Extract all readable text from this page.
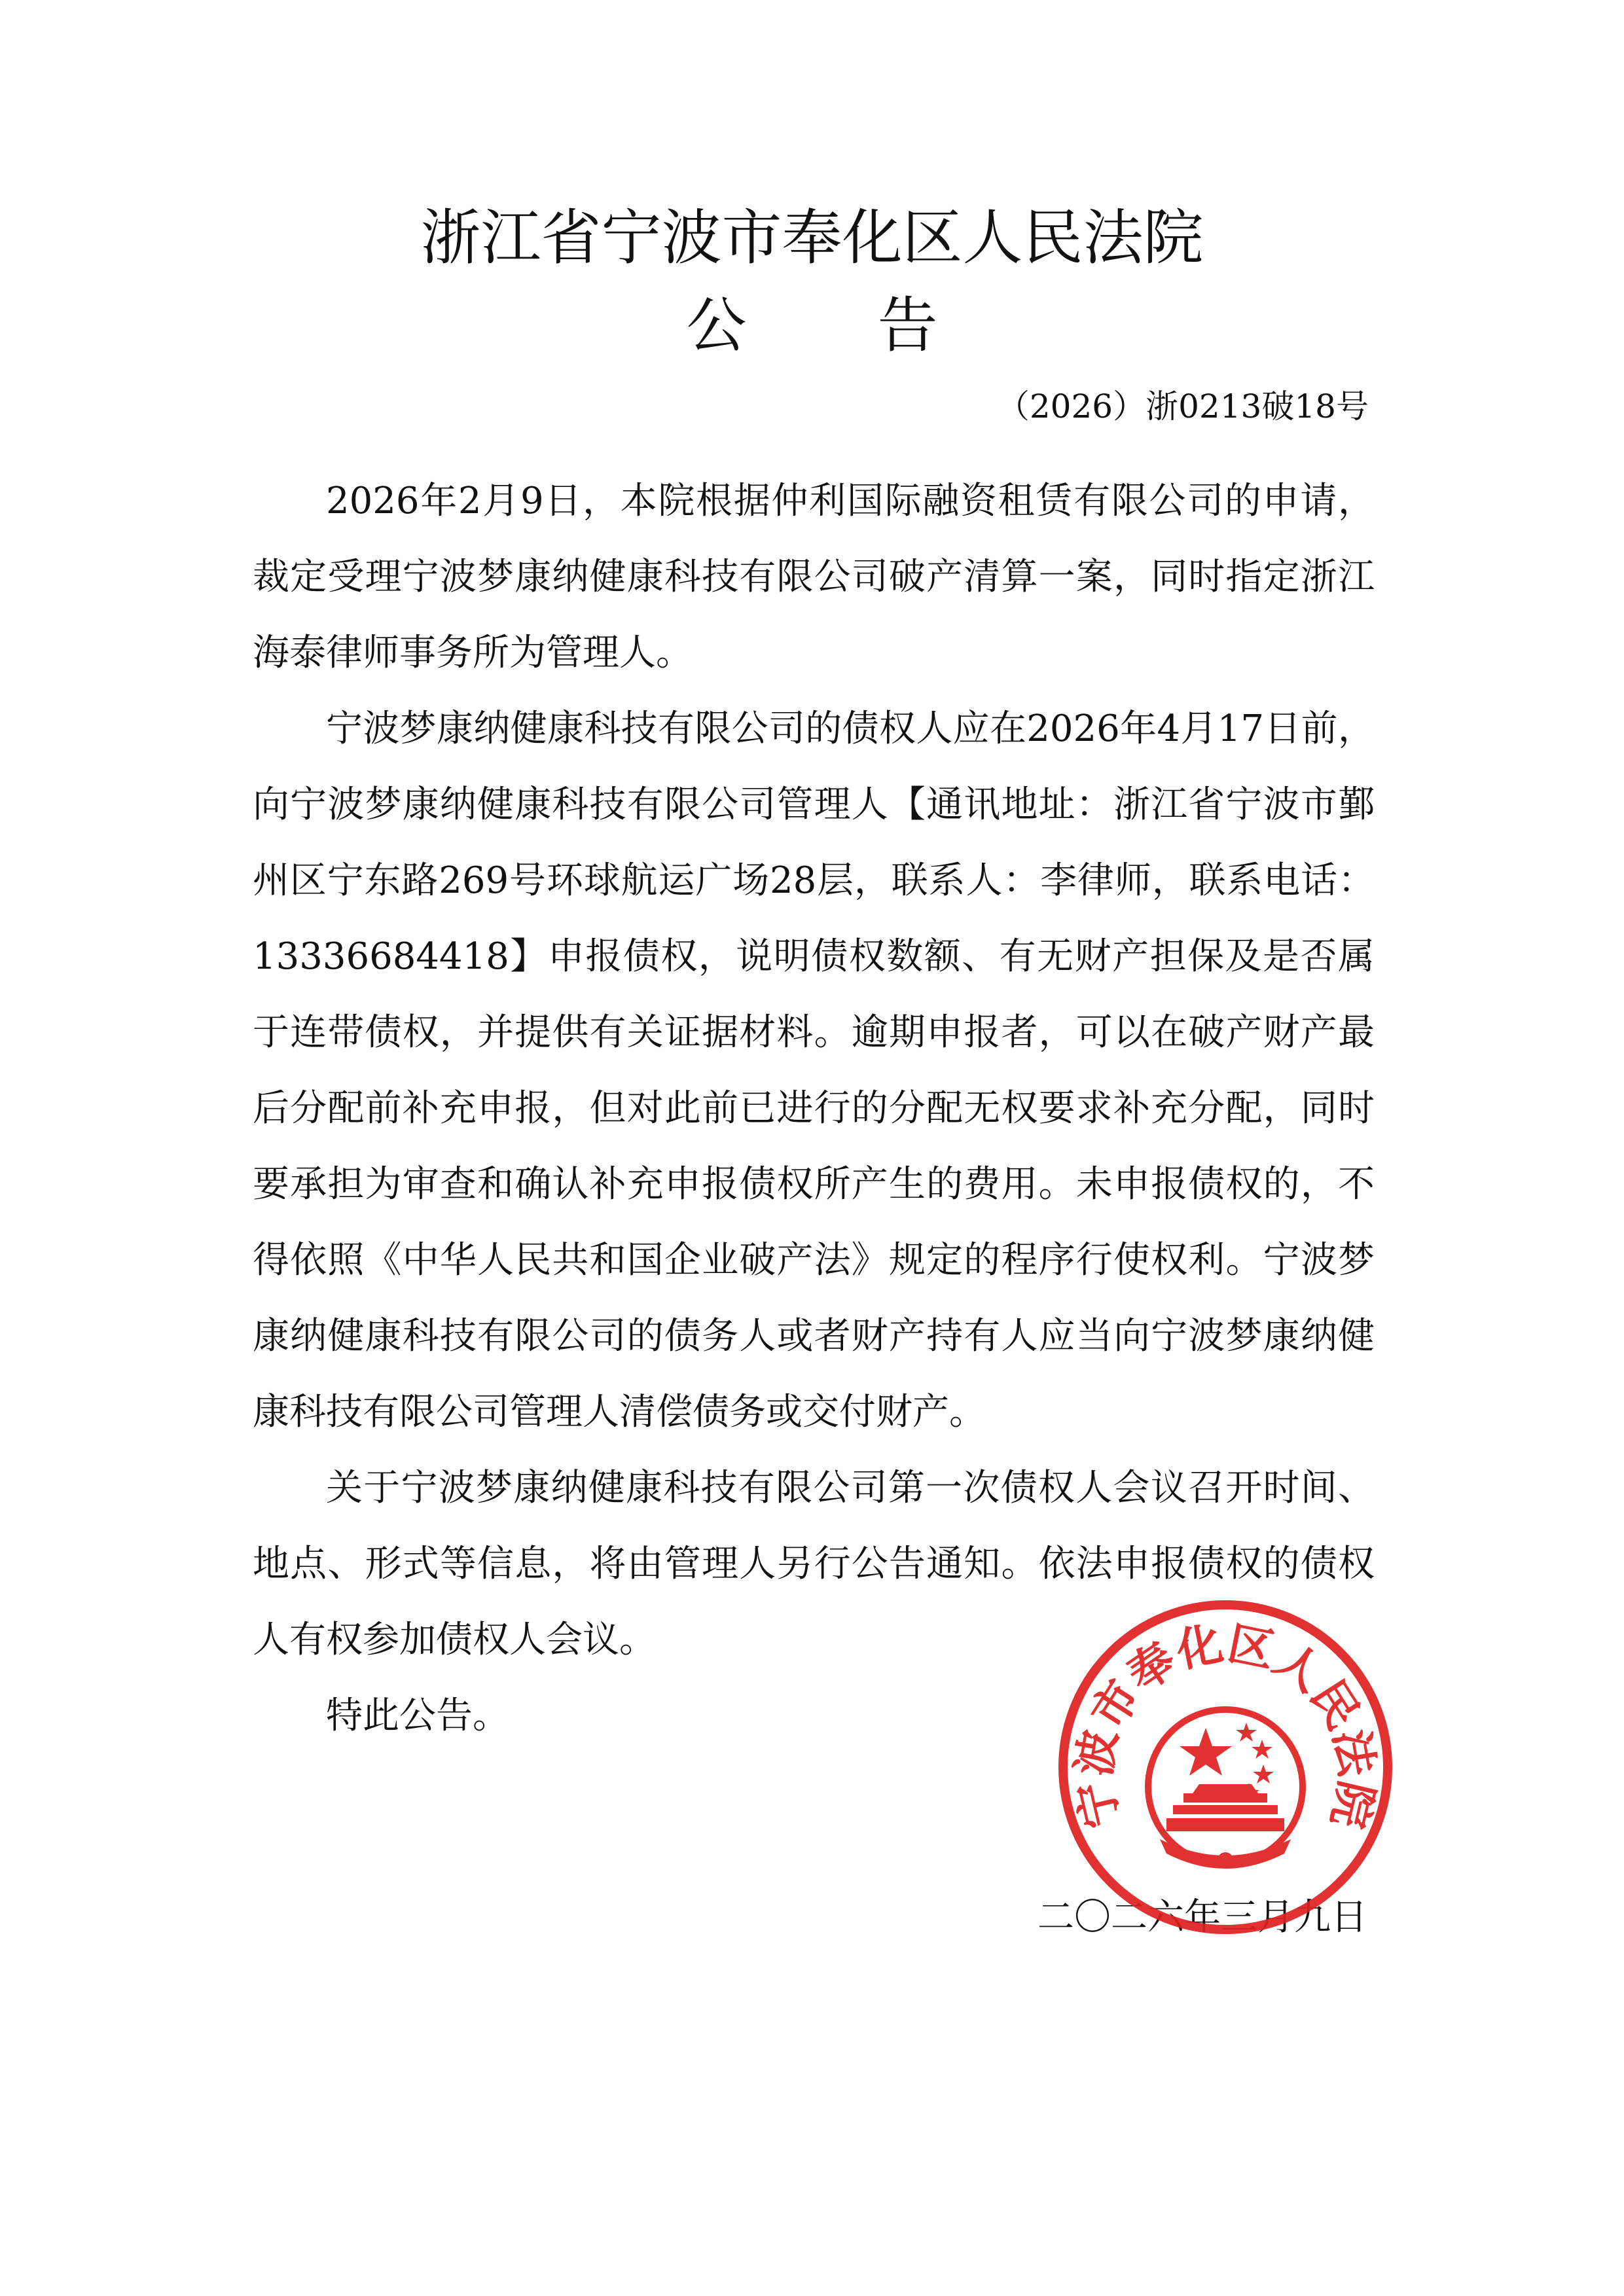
浙江省宁波市奉化区人民法院
公 告
（2026）浙0213破18号

2026年2月9日，本院根据仲利国际融资租赁有限公司的申请，裁定受理宁波梦康纳健康科技有限公司破产清算一案，同时指定浙江海泰律师事务所为管理人。

宁波梦康纳健康科技有限公司的债权人应在2026年4月17日前，向宁波梦康纳健康科技有限公司管理人【通讯地址：浙江省宁波市鄞州区宁东路269号环球航运广场28层，联系人：李律师，联系电话：13336684418】申报债权，说明债权数额、有无财产担保及是否属于连带债权，并提供有关证据材料。逾期申报者，可以在破产财产最后分配前补充申报，但对此前已进行的分配无权要求补充分配，同时要承担为审查和确认补充申报债权所产生的费用。未申报债权的，不得依照《中华人民共和国企业破产法》规定的程序行使权利。宁波梦康纳健康科技有限公司的债务人或者财产持有人应当向宁波梦康纳健康科技有限公司管理人清偿债务或交付财产。

关于宁波梦康纳健康科技有限公司第一次债权人会议召开时间、地点、形式等信息，将由管理人另行公告通知。依法申报债权的债权人有权参加债权人会议。

特此公告。

二〇二六年三月九日
宁波市奉化区人民法院
